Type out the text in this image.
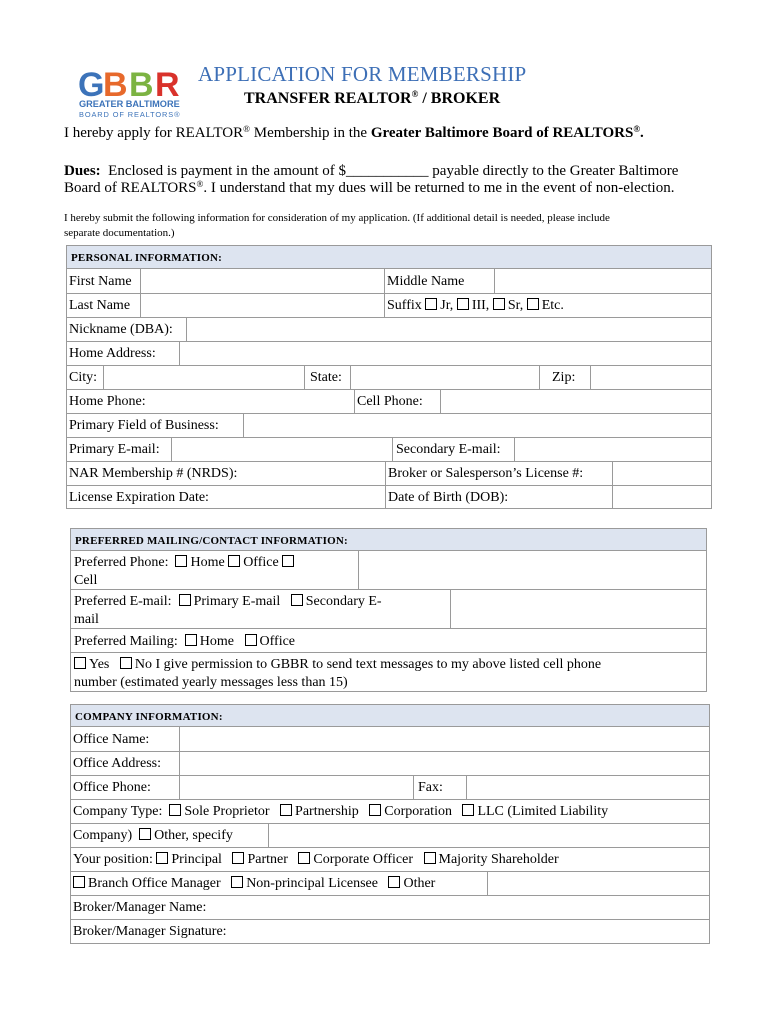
G
B B R
GREATER BALTIMORE
BOARD OF REALTORS®
APPLICATION FOR MEMBERSHIP
TRANSFER REALTOR® / BROKER
I hereby apply for REALTOR® Membership in the Greater Baltimore Board of REALTORS®.
Dues:  Enclosed is payment in the amount of $___________ payable directly to the Greater Baltimore
Board of REALTORS®. I understand that my dues will be returned to me in the event of non-election.
I hereby submit the following information for consideration of my application. (If additional detail is needed, please include
separate documentation.)
PERSONAL INFORMATION:
First Name	Middle Name
Last Name	Suffix Jr, III, Sr, Etc.
Nickname (DBA):
Home Address:
City:	State:	Zip:
Home Phone:	Cell Phone:
Primary Field of Business:
Primary E-mail:	Secondary E-mail:
NAR Membership # (NRDS):	Broker or Salesperson’s License #:
License Expiration Date:	Date of Birth (DOB):
PREFERRED MAILING/CONTACT INFORMATION:
Preferred Phone: Home Office
Cell
Preferred E-mail: Primary E-mail Secondary E-
mail
Preferred Mailing: Home Office
Yes No I give permission to GBBR to send text messages to my above listed cell phone
number (estimated yearly messages less than 15)
COMPANY INFORMATION:
Office Name:
Office Address:
Office Phone:	Fax:
Company Type: Sole Proprietor Partnership Corporation LLC (Limited Liability
Company) Other, specify
Your position: Principal Partner Corporate Officer Majority Shareholder
Branch Office Manager Non-principal Licensee Other
Broker/Manager Name:
Broker/Manager Signature:
